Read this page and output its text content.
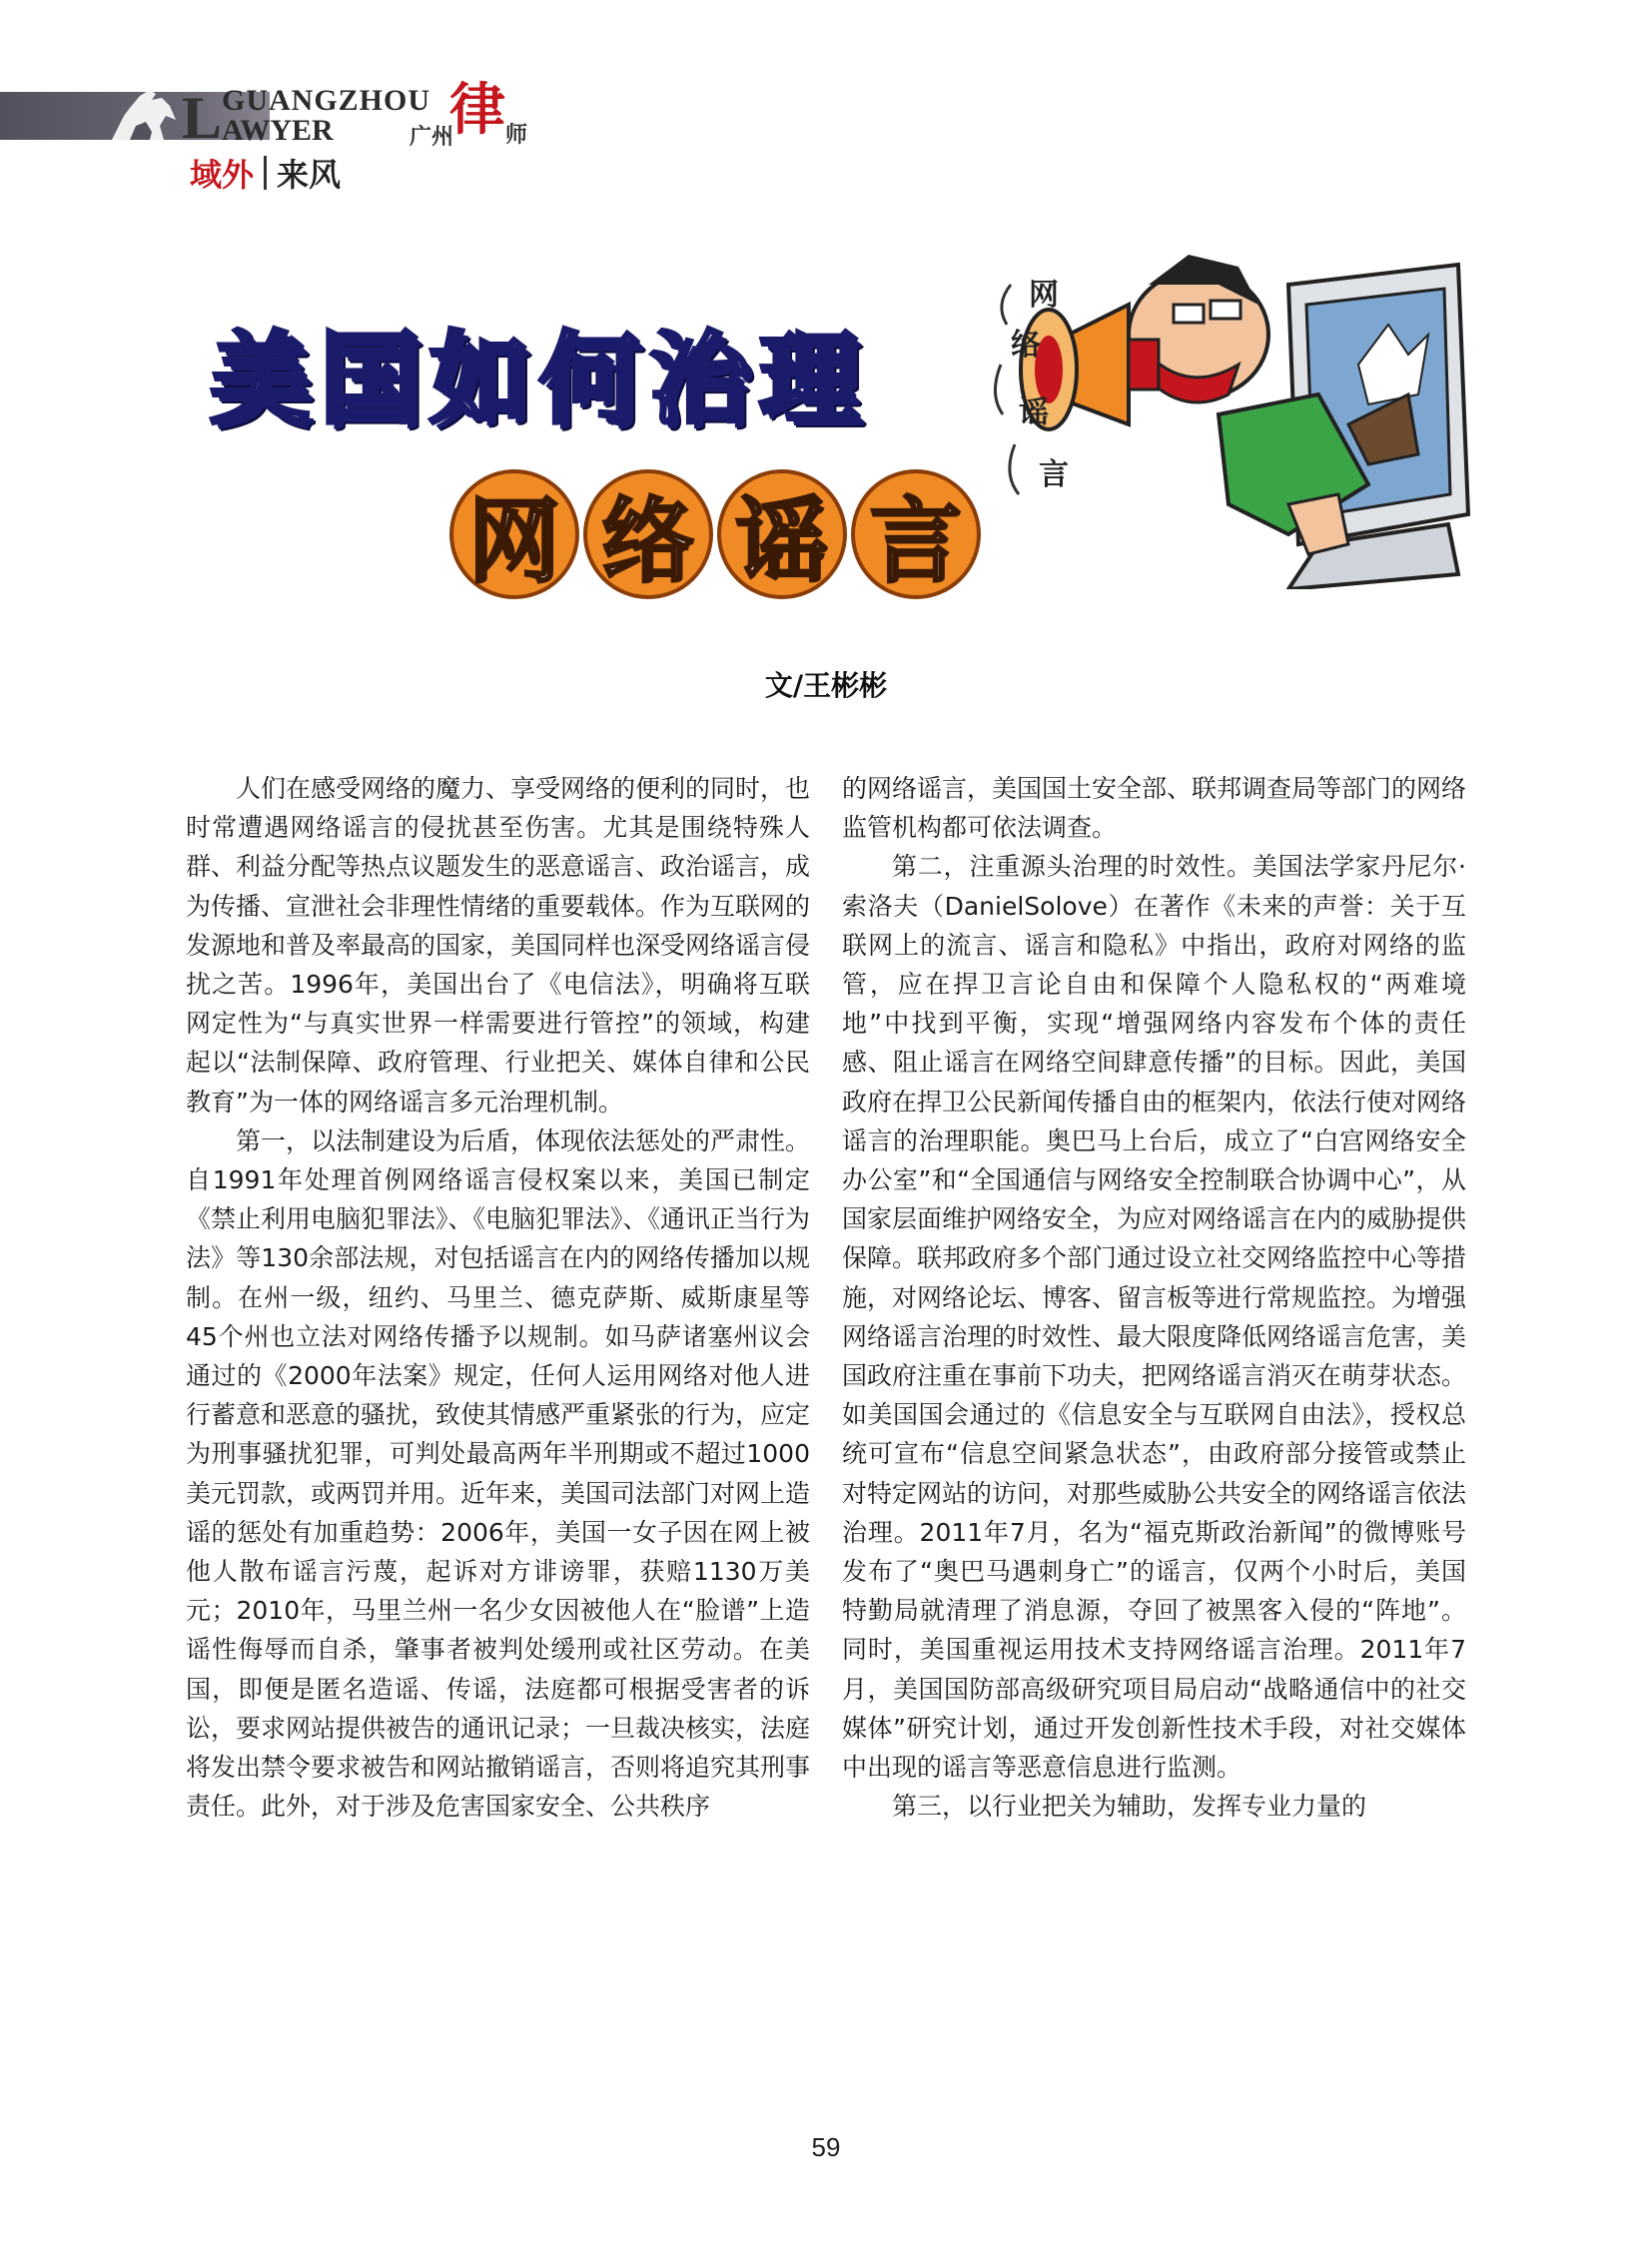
L GUANGZHOU
AWYER	广州
律 师
域外 来风
美国如何治理
网 络 谣 言
网
络
谣
言
文/王彬彬

人们在感受网络的魔力、享受网络的便利的同时，也时常遭遇网络谣言的侵扰甚至伤害。尤其是围绕特殊人群、利益分配等热点议题发生的恶意谣言、政治谣言，成为传播、宣泄社会非理性情绪的重要载体。作为互联网的发源地和普及率最高的国家，美国同样也深受网络谣言侵扰之苦。1996年，美国出台了《电信法》，明确将互联网定性为“与真实世界一样需要进行管控”的领域，构建起以“法制保障、政府管理、行业把关、媒体自律和公民教育”为一体的网络谣言多元治理机制。

第一，以法制建设为后盾，体现依法惩处的严肃性。自1991年处理首例网络谣言侵权案以来，美国已制定《禁止利用电脑犯罪法》、《电脑犯罪法》、《通讯正当行为法》等130余部法规，对包括谣言在内的网络传播加以规制。在州一级，纽约、马里兰、德克萨斯、威斯康星等45个州也立法对网络传播予以规制。如马萨诸塞州议会通过的《2000年法案》规定，任何人运用网络对他人进行蓄意和恶意的骚扰，致使其情感严重紧张的行为，应定为刑事骚扰犯罪，可判处最高两年半刑期或不超过1000美元罚款，或两罚并用。近年来，美国司法部门对网上造谣的惩处有加重趋势：2006年，美国一女子因在网上被他人散布谣言污蔑，起诉对方诽谤罪，获赔1130万美元；2010年，马里兰州一名少女因被他人在“脸谱”上造谣性侮辱而自杀，肇事者被判处缓刑或社区劳动。在美国，即便是匿名造谣、传谣，法庭都可根据受害者的诉讼，要求网站提供被告的通讯记录；一旦裁决核实，法庭将发出禁令要求被告和网站撤销谣言，否则将追究其刑事责任。此外，对于涉及危害国家安全、公共秩序

的网络谣言，美国国土安全部、联邦调查局等部门的网络监管机构都可依法调查。

第二，注重源头治理的时效性。美国法学家丹尼尔·索洛夫（DanielSolove）在著作《未来的声誉：关于互联网上的流言、谣言和隐私》中指出，政府对网络的监管，应在捍卫言论自由和保障个人隐私权的“两难境地”中找到平衡，实现“增强网络内容发布个体的责任感、阻止谣言在网络空间肆意传播”的目标。因此，美国政府在捍卫公民新闻传播自由的框架内，依法行使对网络谣言的治理职能。奥巴马上台后，成立了“白宫网络安全办公室”和“全国通信与网络安全控制联合协调中心”，从国家层面维护网络安全，为应对网络谣言在内的威胁提供保障。联邦政府多个部门通过设立社交网络监控中心等措施，对网络论坛、博客、留言板等进行常规监控。为增强网络谣言治理的时效性、最大限度降低网络谣言危害，美国政府注重在事前下功夫，把网络谣言消灭在萌芽状态。如美国国会通过的《信息安全与互联网自由法》，授权总统可宣布“信息空间紧急状态”，由政府部分接管或禁止对特定网站的访问，对那些威胁公共安全的网络谣言依法治理。2011年7月，名为“福克斯政治新闻”的微博账号发布了“奥巴马遇刺身亡”的谣言，仅两个小时后，美国特勤局就清理了消息源，夺回了被黑客入侵的“阵地”。同时，美国重视运用技术支持网络谣言治理。2011年7月，美国国防部高级研究项目局启动“战略通信中的社交媒体”研究计划，通过开发创新性技术手段，对社交媒体中出现的谣言等恶意信息进行监测。

第三，以行业把关为辅助，发挥专业力量的

59
